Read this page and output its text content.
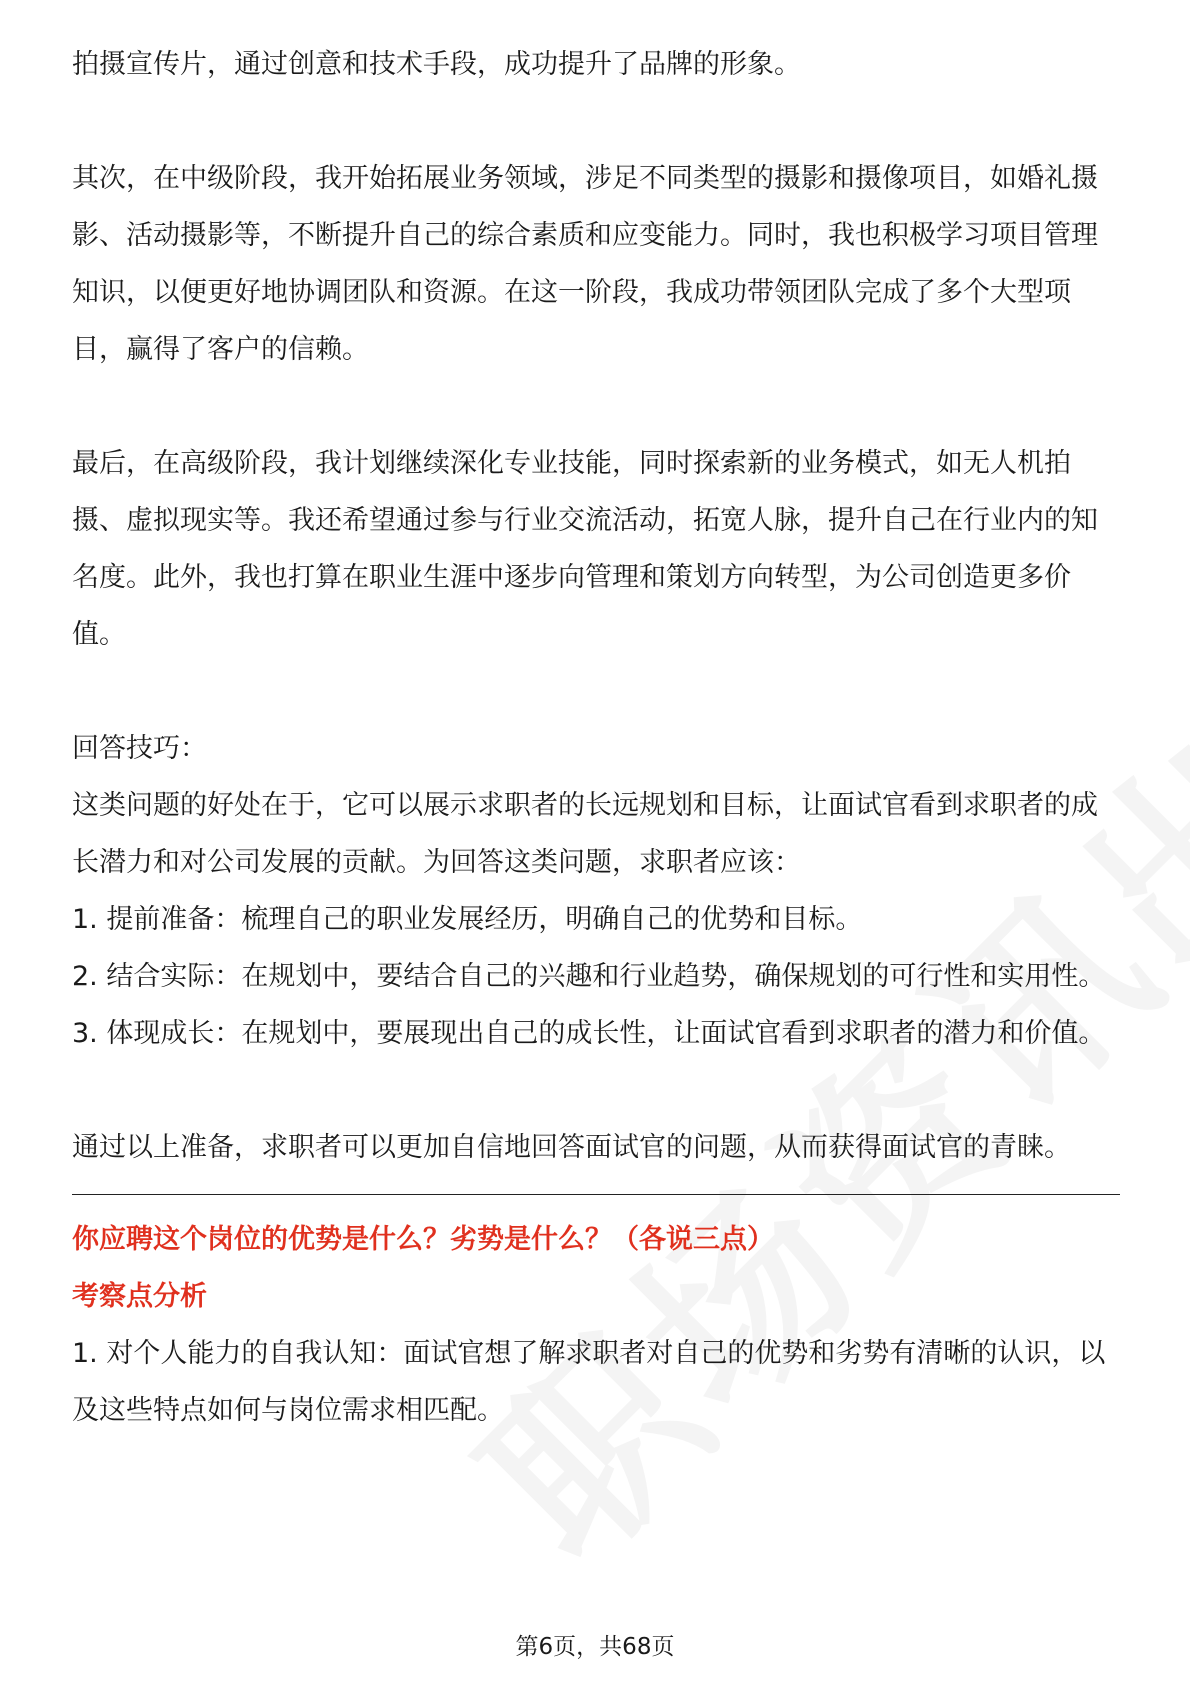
拍摄宣传片，通过创意和技术手段，成功提升了品牌的形象。

其次，在中级阶段，我开始拓展业务领域，涉足不同类型的摄影和摄像项目，如婚礼摄影、活动摄影等，不断提升自己的综合素质和应变能力。同时，我也积极学习项目管理知识，以便更好地协调团队和资源。在这一阶段，我成功带领团队完成了多个大型项目，赢得了客户的信赖。

最后，在高级阶段，我计划继续深化专业技能，同时探索新的业务模式，如无人机拍摄、虚拟现实等。我还希望通过参与行业交流活动，拓宽人脉，提升自己在行业内的知名度。此外，我也打算在职业生涯中逐步向管理和策划方向转型，为公司创造更多价值。

回答技巧：

这类问题的好处在于，它可以展示求职者的长远规划和目标，让面试官看到求职者的成长潜力和对公司发展的贡献。为回答这类问题，求职者应该：

1. 提前准备：梳理自己的职业发展经历，明确自己的优势和目标。

2. 结合实际：在规划中，要结合自己的兴趣和行业趋势，确保规划的可行性和实用性。

3. 体现成长：在规划中，要展现出自己的成长性，让面试官看到求职者的潜力和价值。

通过以上准备，求职者可以更加自信地回答面试官的问题，从而获得面试官的青睐。

你应聘这个岗位的优势是什么？劣势是什么？（各说三点）

考察点分析

1. 对个人能力的自我认知：面试官想了解求职者对自己的优势和劣势有清晰的认识，以及这些特点如何与岗位需求相匹配。

第6页，共68页
